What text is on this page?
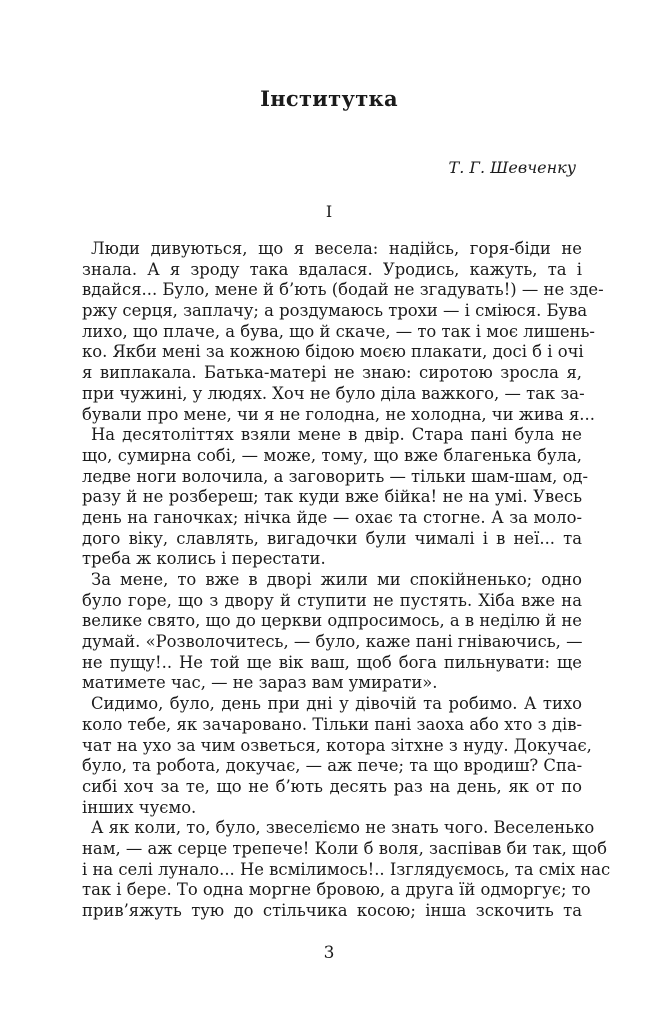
Інститутка
Т. Г. Шевченку
I
Люди дивуються, що я весела: надійсь, горя-біди не
знала. А я зроду така вдалася. Уродись, кажуть, та і
вдайся... Було, мене й б’ють (бодай не згадувать!) — не зде-
ржу серця, заплачу; а роздумаюсь трохи — і сміюся. Бува
лихо, що плаче, а бува, що й скаче, — то так і моє лишень-
ко. Якби мені за кожною бідою моєю плакати, досі б і очі
я виплакала. Батька-матері не знаю: сиротою зросла я,
при чужині, у людях. Хоч не було діла важкого, — так за-
бували про мене, чи я не голодна, не холодна, чи жива я...
На десятоліттях взяли мене в двір. Стара пані була не
що, сумирна собі, — може, тому, що вже благенька була,
ледве ноги волочила, а заговорить — тільки шам-шам, од-
разу й не розбереш; так куди вже бійка! не на умі. Увесь
день на ганочках; нічка йде — охає та стогне. А за моло-
дого віку, славлять, вигадочки були чималі і в неї... та
треба ж колись і перестати.
За мене, то вже в дворі жили ми спокійненько; одно
було горе, що з двору й ступити не пустять. Хіба вже на
велике свято, що до церкви одпросимось, а в неділю й не
думай. «Розволочитесь, — було, каже пані гніваючись, —
не пущу!.. Не той ще вік ваш, щоб бога пильнувати: ще
матимете час, — не зараз вам умирати».
Сидимо, було, день при дні у дівочій та робимо. А тихо
коло тебе, як зачаровано. Тільки пані заоха або хто з дів-
чат на ухо за чим озветься, котора зітхне з нуду. Докучає,
було, та робота, докучає, — аж пече; та що вродиш? Спа-
сибі хоч за те, що не б’ють десять раз на день, як от по
інших чуємо.
А як коли, то, було, звеселіємо не знать чого. Веселенько
нам, — аж серце трепече! Коли б воля, заспівав би так, щоб
і на селі лунало... Не всмілимось!.. Ізглядуємось, та сміх нас
так і бере. То одна моргне бровою, а друга їй одморгує; то
прив’яжуть тую до стільчика косою; інша зскочить та
3
